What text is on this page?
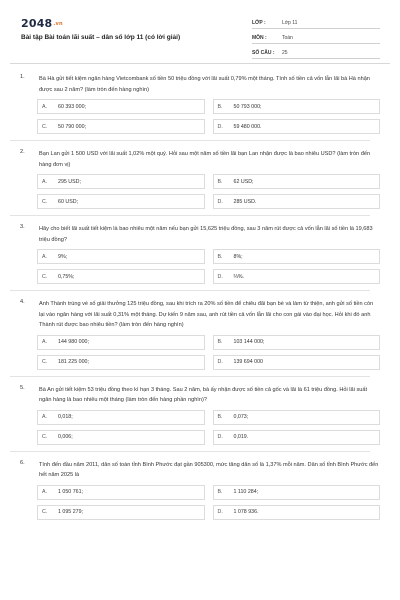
2048.vn
Bài tập Bài toán lãi suất – dân số lớp 11 (có lời giải)
LỚP :	Lớp 11
MÔN :	Toán
SỐ CÂU :	25
1.	Bà Hà gửi tiết kiệm ngân hàng Vietcombank số tiền 50 triệu đồng với lãi suất 0,79% một tháng. Tính số tiền cả vốn lẫn lãi bà Hà nhận được sau 2 năm? (làm tròn đến hàng nghìn)
A.	60 393 000;	B.	50 793 000;
C.	50 790 000;	D.	59 480 000.
2.	Bạn Lan gửi 1 500 USD với lãi suất 1,02% một quý. Hỏi sau một năm số tiền lãi bạn Lan nhận được là bao nhiêu USD? (làm tròn đến hàng đơn vị)
A.	295 USD;	B.	62 USD;
C.	60 USD;	D.	285 USD.
3.	Hãy cho biết lãi suất tiết kiệm là bao nhiêu một năm nếu bạn gửi 15,625 triệu đồng, sau 3 năm rút được cả vốn lẫn lãi số tiền là 19,683 triệu đồng?
A.	9%;	B.	8%;
C.	0,75%;	D.	⅔%.
4.	Anh Thành trúng vé số giải thưởng 125 triệu đồng, sau khi trích ra 20% số tiền để chiêu đãi bạn bè và làm từ thiện, anh gửi số tiền còn lại vào ngân hàng với lãi suất 0,31% một tháng. Dự kiến 9 năm sau, anh rút tiền cả vốn lẫn lãi cho con gái vào đại học. Hỏi khi đó anh Thành rút được bao nhiêu tiền? (làm tròn đến hàng nghìn)
A.	144 980 000;	B.	103 144 000;
C.	181 225 000;	D.	139 694 000
5.	Bà An gửi tiết kiệm 53 triệu đồng theo kì hạn 3 tháng. Sau 2 năm, bà ấy nhận được số tiền cả gốc và lãi là 61 triệu đồng. Hỏi lãi suất ngân hàng là bao nhiêu một tháng (làm tròn đến hàng phần nghìn)?
A.	0,018;	B.	0,073;
C.	0,006;	D.	0,019.
6.	Tính đến đầu năm 2011, dân số toàn tỉnh Bình Phước đạt gần 905300, mức tăng dân số là 1,37% mỗi năm. Dân số tỉnh Bình Phước đến hết năm 2025 là
A.	1 050 761;	B.	1 110 284;
C.	1 095 279;	D.	1 078 936.
